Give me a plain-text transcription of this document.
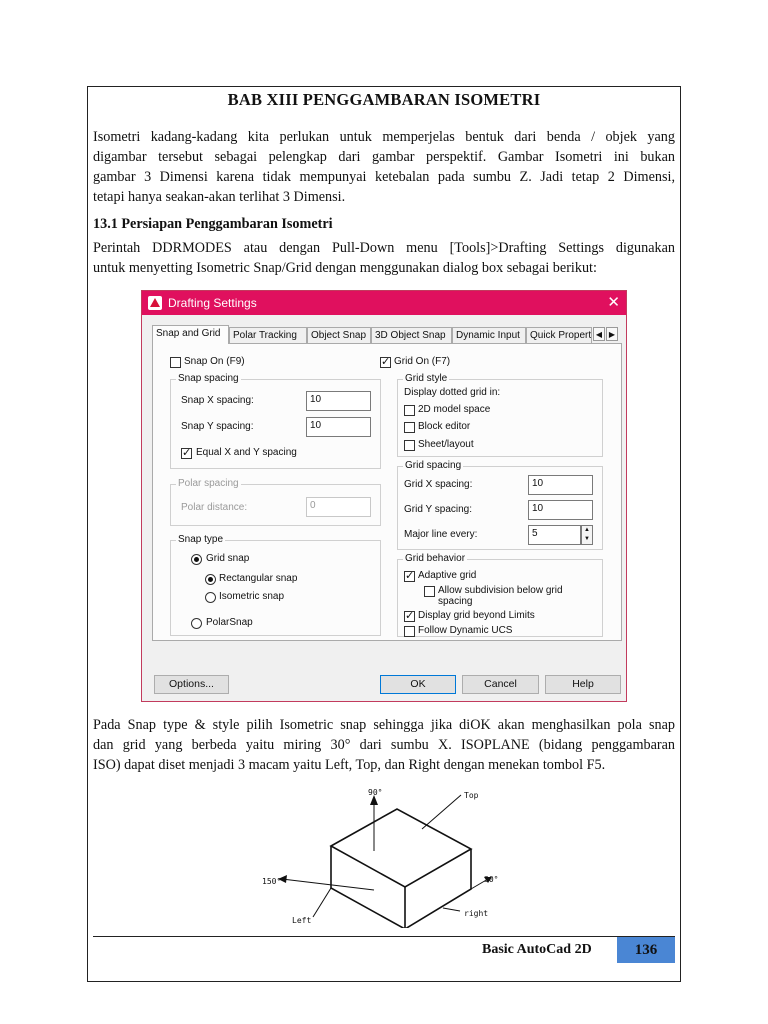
BAB XIII PENGGAMBARAN ISOMETRI
Isometri kadang-kadang kita perlukan untuk memperjelas bentuk dari benda / objek yang
digambar tersebut sebagai pelengkap dari gambar perspektif. Gambar Isometri ini bukan
gambar 3 Dimensi karena tidak mempunyai ketebalan pada sumbu Z. Jadi tetap 2 Dimensi,
tetapi hanya seakan-akan terlihat 3 Dimensi.
13.1 Persiapan Penggambaran Isometri
Perintah DDRMODES atau dengan Pull-Down menu [Tools]>Drafting Settings digunakan
untuk menyetting Isometric Snap/Grid dengan menggunakan dialog box sebagai berikut:
Drafting Settings	✕
Snap and Grid	Polar Tracking	Object Snap 3D Object Snap	Dynamic Input	Quick Propert ◀ ▶
Snap On (F9) ✓	Grid On (F7)
Snap spacing
Snap X spacing:	10
Snap Y spacing:	10
✓
Equal X and Y spacing
Polar spacing
Polar distance:	0
Snap type
Grid snap
Rectangular snap
Isometric snap
PolarSnap
Grid style
Display dotted grid in:
2D model space
Block editor
Sheet/layout
Grid spacing
Grid X spacing:	10
Grid Y spacing:	10
Major line every:	5	▲
▼
Grid behavior
✓
Adaptive grid
Allow subdivision below grid
spacing
✓
Display grid beyond Limits
Follow Dynamic UCS
Options...	OK	Cancel	Help
Pada Snap type & style pilih Isometric snap sehingga jika diOK akan menghasilkan pola snap
dan grid yang berbeda yaitu miring 30° dari sumbu X. ISOPLANE (bidang penggambaran
ISO) dapat diset menjadi 3 macam yaitu Left, Top, dan Right dengan menekan tombol F5.
90°
150°	30°
Top
Left
right
Basic AutoCad 2D	136
